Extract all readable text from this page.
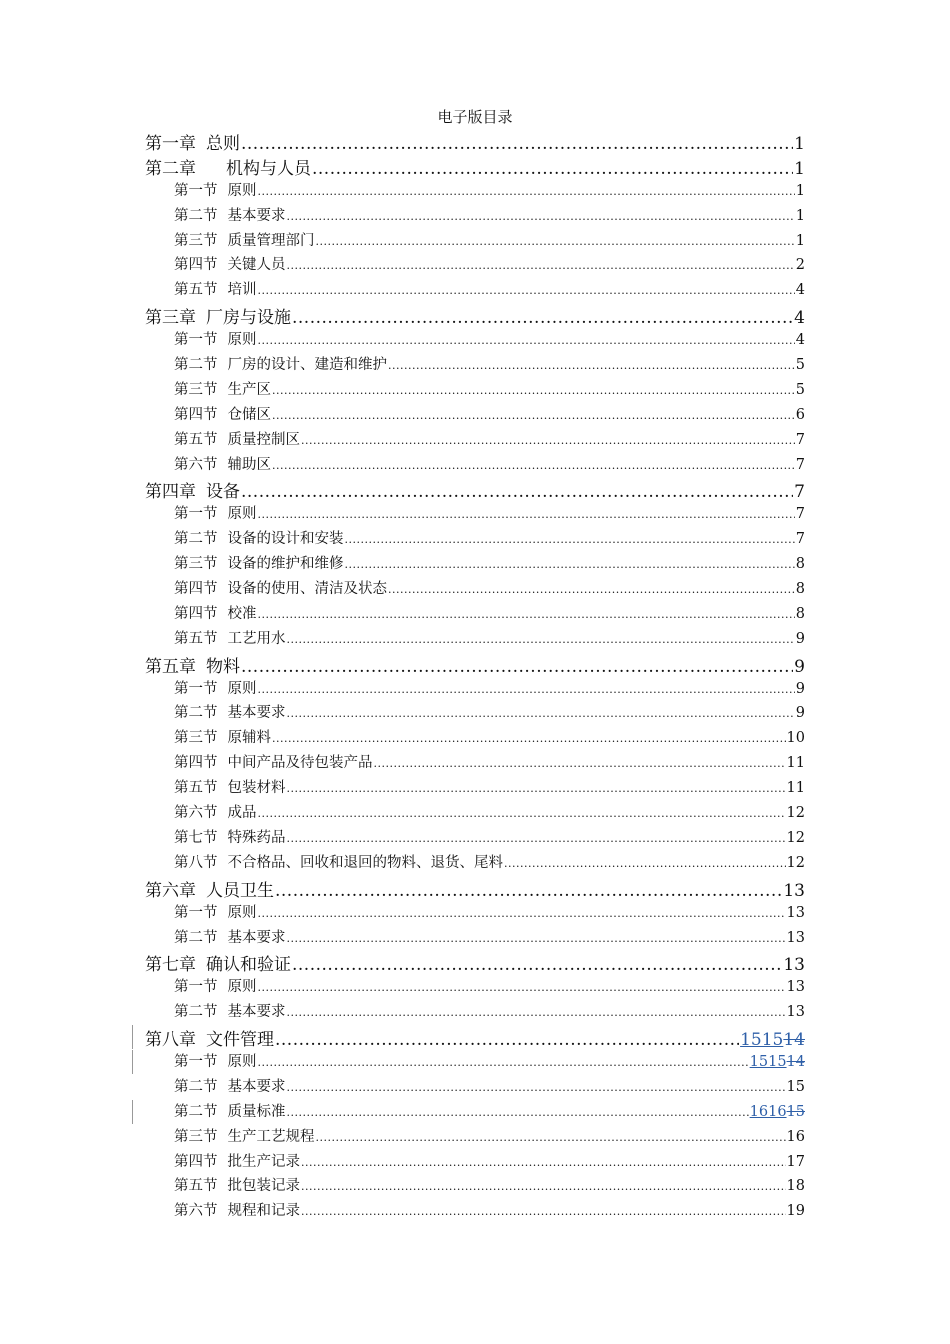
电子版目录
第一章 总则 .....	1
第二章 机构与人员 .....	1
第一节 原则 .....	1
第二节 基本要求 .....	1
第三节 质量管理部门 .....	1
第四节 关键人员 .....	2
第五节 培训 .....	4
第三章 厂房与设施 .....	4
第一节 原则 .....	4
第二节 厂房的设计、建造和维护 .....	5
第三节 生产区 .....	5
第四节 仓储区 .....	6
第五节 质量控制区 .....	7
第六节 辅助区 .....	7
第四章 设备 .....	7
第一节 原则 .....	7
第二节 设备的设计和安装 .....	7
第三节 设备的维护和维修 .....	8
第四节 设备的使用、清洁及状态 .....	8
第四节 校准 .....	8
第五节 工艺用水 .....	9
第五章 物料 .....	9
第一节 原则 .....	9
第二节 基本要求 .....	9
第三节 原辅料 .....	10
第四节 中间产品及待包装产品 .....	11
第五节 包装材料 .....	11
第六节 成品 .....	12
第七节 特殊药品 .....	12
第八节 不合格品、回收和退回的物料、退货、尾料 .....	12
第六章 人员卫生 .....	13
第一节 原则 .....	13
第二节 基本要求 .....	13
第七章 确认和验证 .....	13
第一节 原则 .....	13
第二节 基本要求 .....	13
第八章 文件管理 .....	151514
第一节 原则 .....	151514
第二节 基本要求 .....	15
第二节 质量标准 .....	161615
第三节 生产工艺规程 .....	16
第四节 批生产记录 .....	17
第五节 批包装记录 .....	18
第六节 规程和记录 .....	19
